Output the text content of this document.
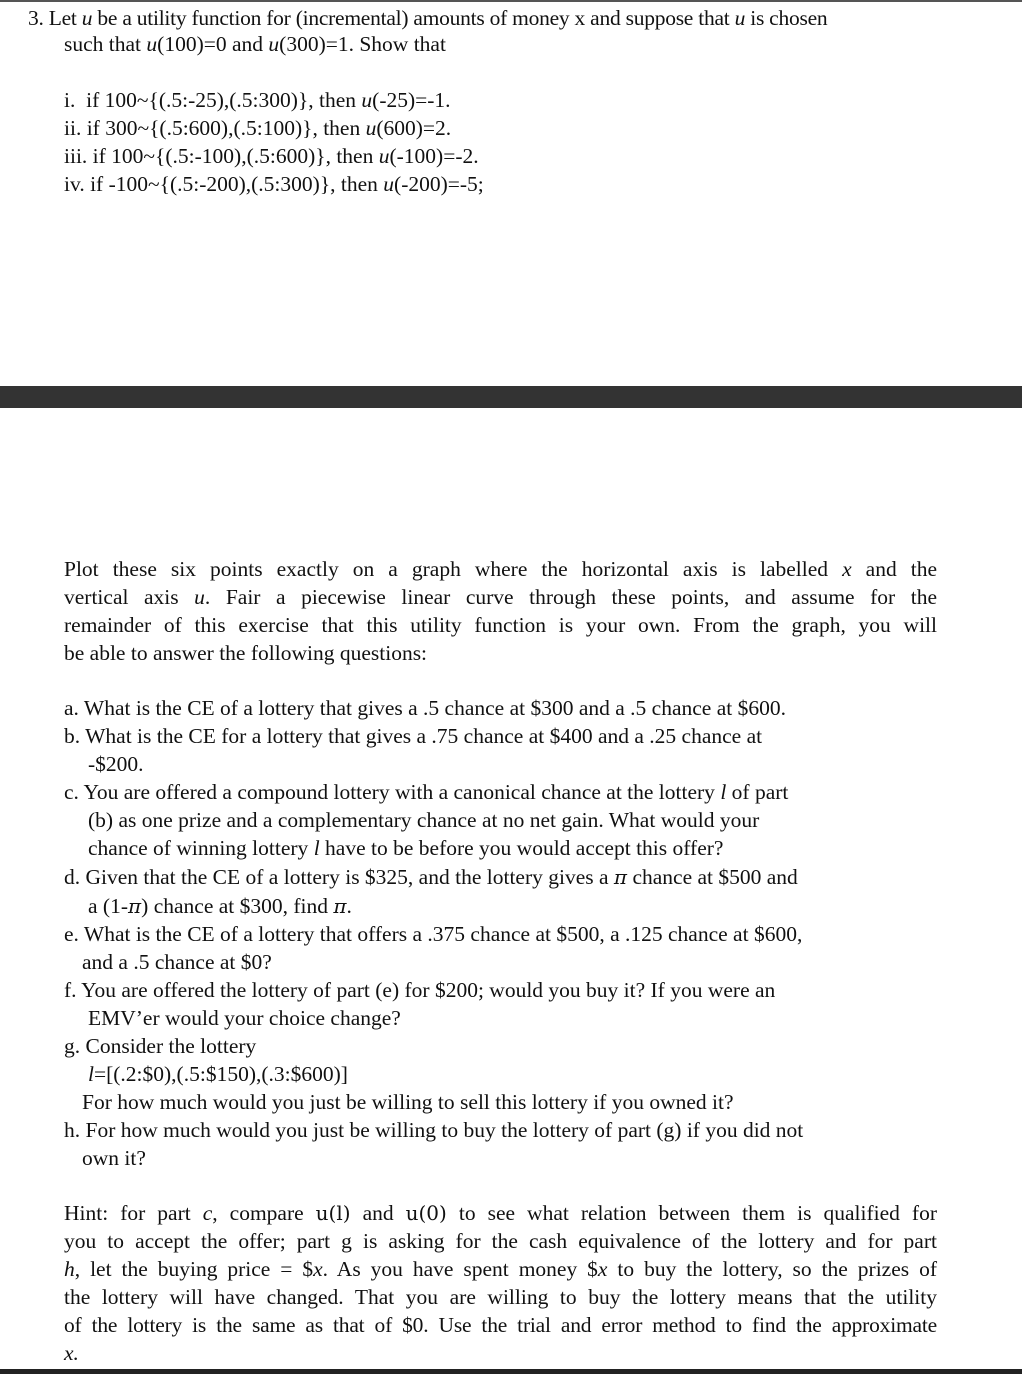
3. Let u be a utility function for (incremental) amounts of money x and suppose that u is chosen
such that u(100)=0 and u(300)=1. Show that
i. if 100~{(.5:-25),(.5:300)}, then u(-25)=-1.
ii. if 300~{(.5:600),(.5:100)}, then u(600)=2.
iii. if 100~{(.5:-100),(.5:600)}, then u(-100)=-2.
iv. if -100~{(.5:-200),(.5:300)}, then u(-200)=-5;
Plot these six points exactly on a graph where the horizontal axis is labelled x and the
vertical axis u. Fair a piecewise linear curve through these points, and assume for the
remainder of this exercise that this utility function is your own. From the graph, you will
be able to answer the following questions:
a. What is the CE of a lottery that gives a .5 chance at $300 and a .5 chance at $600.
b. What is the CE for a lottery that gives a .75 chance at $400 and a .25 chance at
-$200.
c. You are offered a compound lottery with a canonical chance at the lottery l of part
(b) as one prize and a complementary chance at no net gain. What would your
chance of winning lottery l have to be before you would accept this offer?
d. Given that the CE of a lottery is $325, and the lottery gives a π chance at $500 and
a (1-π) chance at $300, find π.
e. What is the CE of a lottery that offers a .375 chance at $500, a .125 chance at $600,
and a .5 chance at $0?
f. You are offered the lottery of part (e) for $200; would you buy it? If you were an
EMV’er would your choice change?
g. Consider the lottery
l=[(.2:$0),(.5:$150),(.3:$600)]
For how much would you just be willing to sell this lottery if you owned it?
h. For how much would you just be willing to buy the lottery of part (g) if you did not
own it?
Hint: for part c, compare u(l) and u(0) to see what relation between them is qualified for
you to accept the offer; part g is asking for the cash equivalence of the lottery and for part
h, let the buying price = $x. As you have spent money $x to buy the lottery, so the prizes of
the lottery will have changed. That you are willing to buy the lottery means that the utility
of the lottery is the same as that of $0. Use the trial and error method to find the approximate
x.
